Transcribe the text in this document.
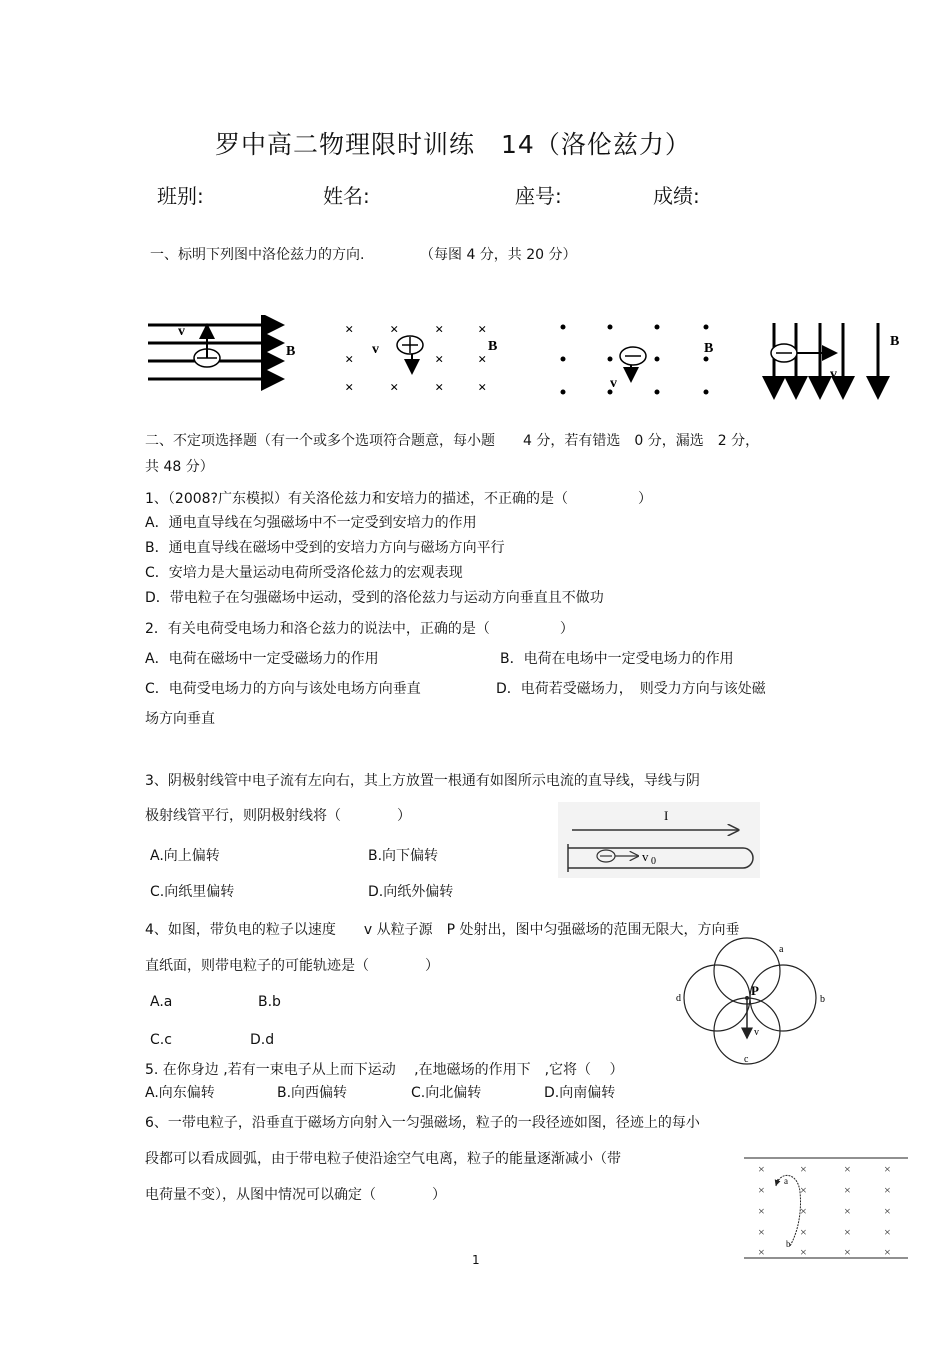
罗中高二物理限时训练　14（洛伦兹力）
班别:	姓名:	座号:	成绩:
一、标明下列图中洛伦兹力的方向.	（每图 4 分，共 20 分）
v
B
× × × ×
×	× ×
× × × ×
v	B
v
B
v
B
二、不定项选择题（有一个或多个选项符合题意，每小题　　4 分，若有错选　0 分，漏选　2 分，
共 48 分）
1、（2008?广东模拟）有关洛伦兹力和安培力的描述，不正确的是（　　　　　）
A．通电直导线在匀强磁场中不一定受到安培力的作用
B．通电直导线在磁场中受到的安培力方向与磁场方向平行
C．安培力是大量运动电荷所受洛伦兹力的宏观表现
D．带电粒子在匀强磁场中运动，受到的洛伦兹力与运动方向垂直且不做功
2．有关电荷受电场力和洛仑兹力的说法中，正确的是（　　　　　）
A．电荷在磁场中一定受磁场力的作用	B．电荷在电场中一定受电场力的作用
C．电荷受电场力的方向与该处电场方向垂直	D．电荷若受磁场力，　则受力方向与该处磁
场方向垂直
3、阴极射线管中电子流有左向右，其上方放置一根通有如图所示电流的直导线，导线与阴
极射线管平行，则阴极射线将（　　　　）
A.向上偏转	B.向下偏转
C.向纸里偏转	D.向纸外偏转
I
v 0
4、如图，带负电的粒子以速度　　v 从粒子源　P 处射出，图中匀强磁场的范围无限大，方向垂
直纸面，则带电粒子的可能轨迹是（　　　　）
A.a	B.b
C.c	D.d
P
v
a
b
c
d
5. 在你身边 ,若有一束电子从上而下运动　 ,在地磁场的作用下　,它将（　 ）
A.向东偏转	B.向西偏转	C.向北偏转	D.向南偏转
6、一带电粒子，沿垂直于磁场方向射入一匀强磁场，粒子的一段径迹如图，径迹上的每小
段都可以看成圆弧，由于带电粒子使沿途空气电离，粒子的能量逐渐减小（带
电荷量不变），从图中情况可以确定（　　　　）
×	×	×	×
×	×	×	×
×	×	×	×
×	×	×	×
×	×	×	×
a
b
1
